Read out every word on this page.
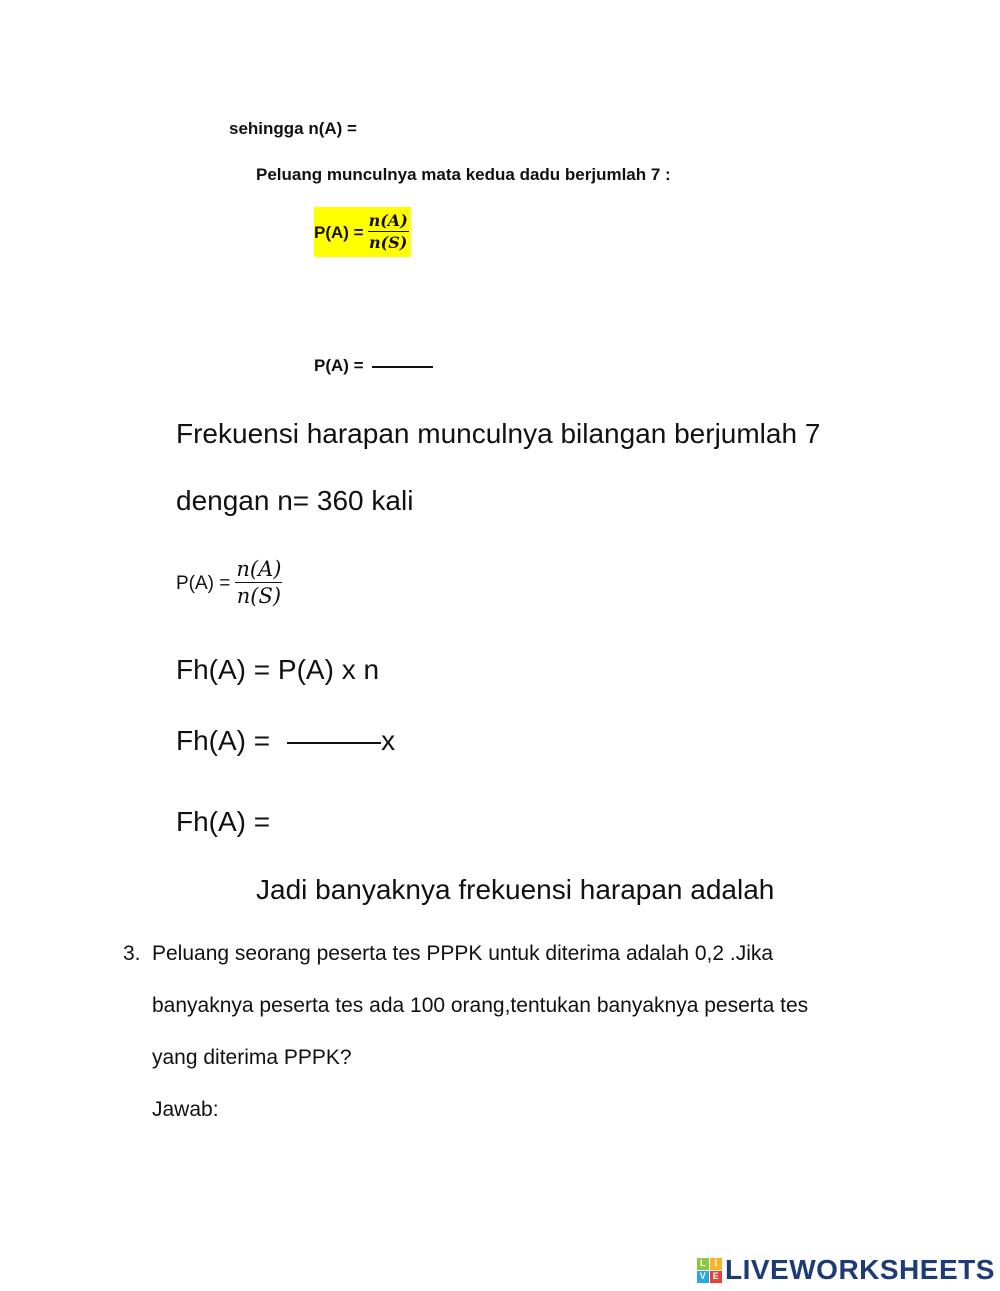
sehingga n(A) =
Peluang munculnya mata kedua dadu berjumlah 7 :
$P(A) = \frac{n(A)}{n(S)}$
P(A) =
Frekuensi harapan munculnya bilangan berjumlah 7
dengan n= 360 kali
$P(A) = \frac{n(A)}{n(S)}$
Fh(A) = P(A) x n
Fh(A) =	x
Fh(A) =
Jadi banyaknya frekuensi harapan adalah
3. Peluang seorang peserta tes PPPK untuk diterima adalah 0,2 .Jika
banyaknya peserta tes ada 100 orang,tentukan banyaknya peserta tes
yang diterima PPPK?
Jawab:
L I
V E LIVEWORKSHEETS
